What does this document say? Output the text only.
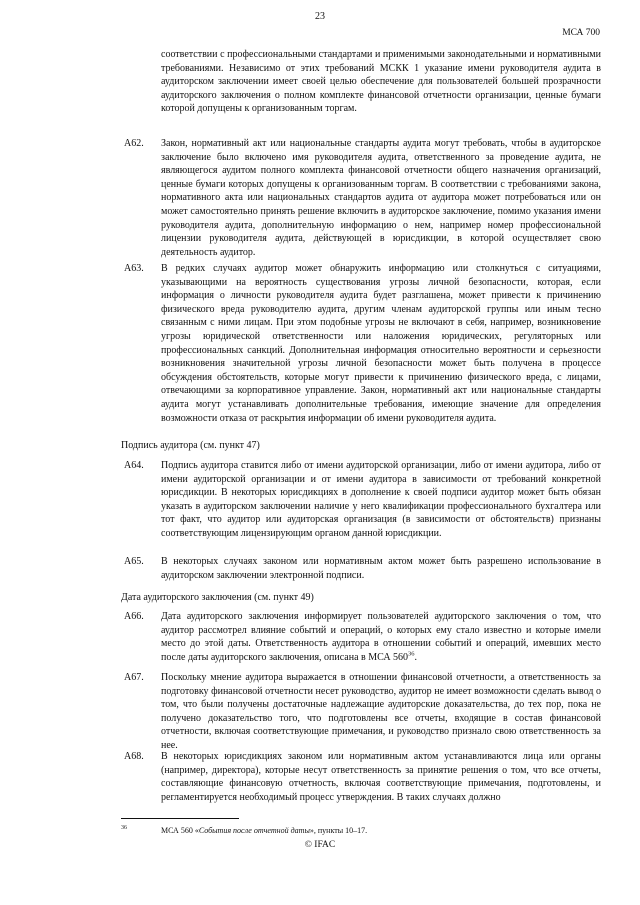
23
МСА 700
соответствии с профессиональными стандартами и применимыми законодательными и нормативными требованиями. Независимо от этих требований МСКК 1 указание имени руководителя аудита в аудиторском заключении имеет своей целью обеспечение для пользователей большей прозрачности аудиторского заключения о полном комплекте финансовой отчетности организации, ценные бумаги которой допущены к организованным торгам.
A62.	Закон, нормативный акт или национальные стандарты аудита могут требовать, чтобы в аудиторское заключение было включено имя руководителя аудита, ответственного за проведение аудита, не являющегося аудитом полного комплекта финансовой отчетности общего назначения организаций, ценные бумаги которых допущены к организованным торгам. В соответствии с требованиями закона, нормативного акта или национальных стандартов аудита от аудитора может потребоваться или он может самостоятельно принять решение включить в аудиторское заключение, помимо указания имени руководителя аудита, дополнительную информацию о нем, например номер профессиональной лицензии руководителя аудита, действующей в юрисдикции, в которой осуществляет свою деятельность аудитор.
A63.	В редких случаях аудитор может обнаружить информацию или столкнуться с ситуациями, указывающими на вероятность существования угрозы личной безопасности, которая, если информация о личности руководителя аудита будет разглашена, может привести к причинению физического вреда руководителю аудита, другим членам аудиторской группы или иным тесно связанным с ними лицам. При этом подобные угрозы не включают в себя, например, возникновение угрозы юридической ответственности или наложения юридических, регуляторных или профессиональных санкций. Дополнительная информация относительно вероятности и серьезности возникновения значительной угрозы личной безопасности может быть получена в процессе обсуждения обстоятельств, которые могут привести к причинению физического вреда, с лицами, отвечающими за корпоративное управление. Закон, нормативный акт или национальные стандарты аудита могут устанавливать дополнительные требования, имеющие значение для определения возможности отказа от раскрытия информации об имени руководителя аудита.
Подпись аудитора (см. пункт 47)
A64.	Подпись аудитора ставится либо от имени аудиторской организации, либо от имени аудитора, либо от имени аудиторской организации и от имени аудитора в зависимости от требований конкретной юрисдикции. В некоторых юрисдикциях в дополнение к своей подписи аудитор может быть обязан указать в аудиторском заключении наличие у него квалификации профессионального бухгалтера или тот факт, что аудитор или аудиторская организация (в зависимости от обстоятельств) признаны соответствующим лицензирующим органом данной юрисдикции.
A65.	В некоторых случаях законом или нормативным актом может быть разрешено использование в аудиторском заключении электронной подписи.
Дата аудиторского заключения (см. пункт 49)
A66.	Дата аудиторского заключения информирует пользователей аудиторского заключения о том, что аудитор рассмотрел влияние событий и операций, о которых ему стало известно и которые имели место до этой даты. Ответственность аудитора в отношении событий и операций, имевших место после даты аудиторского заключения, описана в МСА $560^{36}$.
A67.	Поскольку мнение аудитора выражается в отношении финансовой отчетности, а ответственность за подготовку финансовой отчетности несет руководство, аудитор не имеет возможности сделать вывод о том, что были получены достаточные надлежащие аудиторские доказательства, до тех пор, пока не получено доказательство того, что подготовлены все отчеты, входящие в состав финансовой отчетности, включая соответствующие примечания, и руководство признало свою ответственность за нее.
A68.	В некоторых юрисдикциях законом или нормативным актом устанавливаются лица или органы (например, директора), которые несут ответственность за принятие решения о том, что все отчеты, составляющие финансовую отчетность, включая соответствующие примечания, подготовлены, и регламентируется необходимый процесс утверждения. В таких случаях должно
36	МСА 560 «События после отчетной даты», пункты 10–17.
© IFAC
